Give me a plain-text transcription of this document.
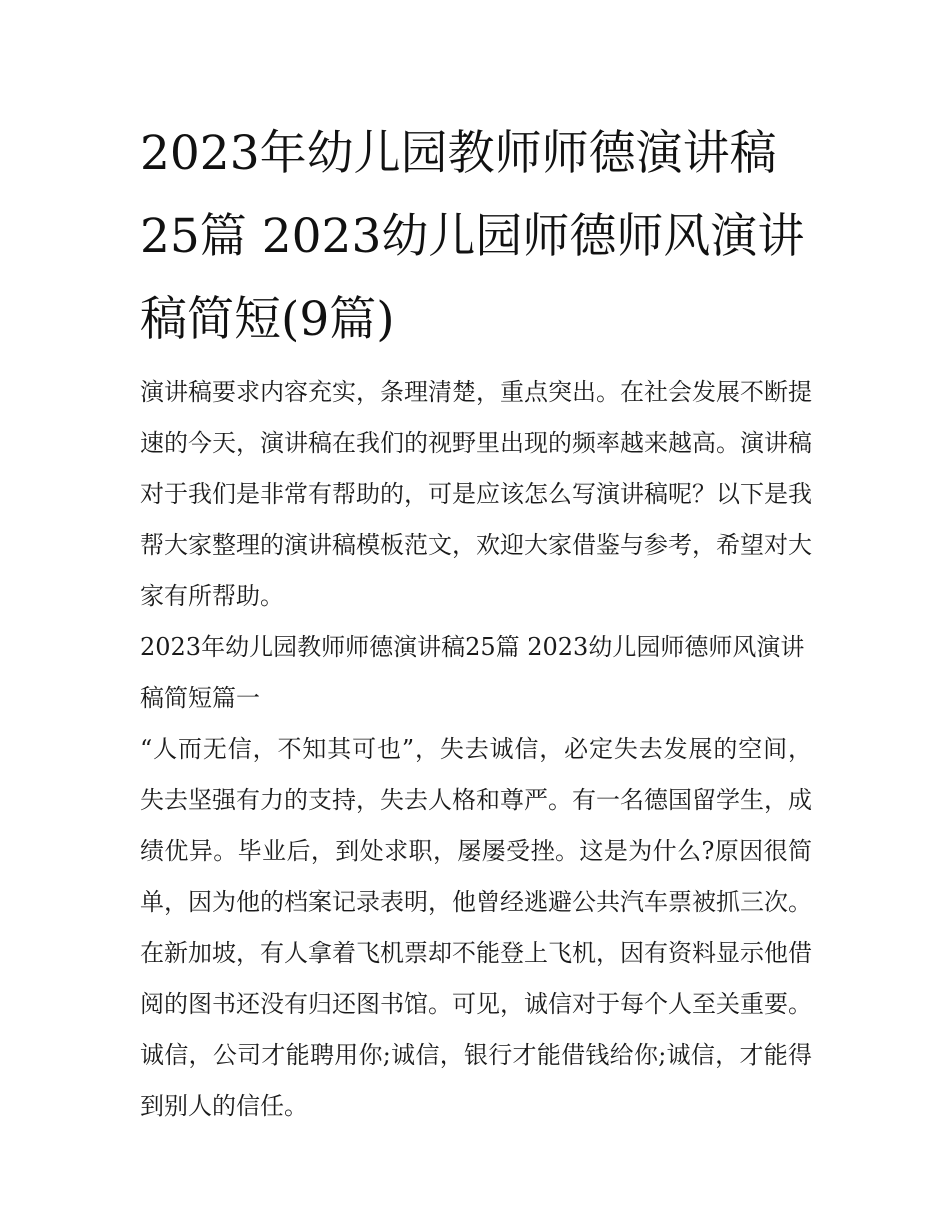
2023年幼儿园教师师德演讲稿25篇 2023幼儿园师德师风演讲稿简短(9篇)

演讲稿要求内容充实，条理清楚，重点突出。在社会发展不断提速的今天，演讲稿在我们的视野里出现的频率越来越高。演讲稿对于我们是非常有帮助的，可是应该怎么写演讲稿呢？以下是我帮大家整理的演讲稿模板范文，欢迎大家借鉴与参考，希望对大家有所帮助。

2023年幼儿园教师师德演讲稿25篇 2023幼儿园师德师风演讲稿简短篇一

“人而无信，不知其可也”，失去诚信，必定失去发展的空间，失去坚强有力的支持，失去人格和尊严。有一名德国留学生，成绩优异。毕业后，到处求职，屡屡受挫。这是为什么?原因很简单，因为他的档案记录表明，他曾经逃避公共汽车票被抓三次。在新加坡，有人拿着飞机票却不能登上飞机，因有资料显示他借阅的图书还没有归还图书馆。可见，诚信对于每个人至关重要。诚信，公司才能聘用你;诚信，银行才能借钱给你;诚信，才能得到别人的信任。
